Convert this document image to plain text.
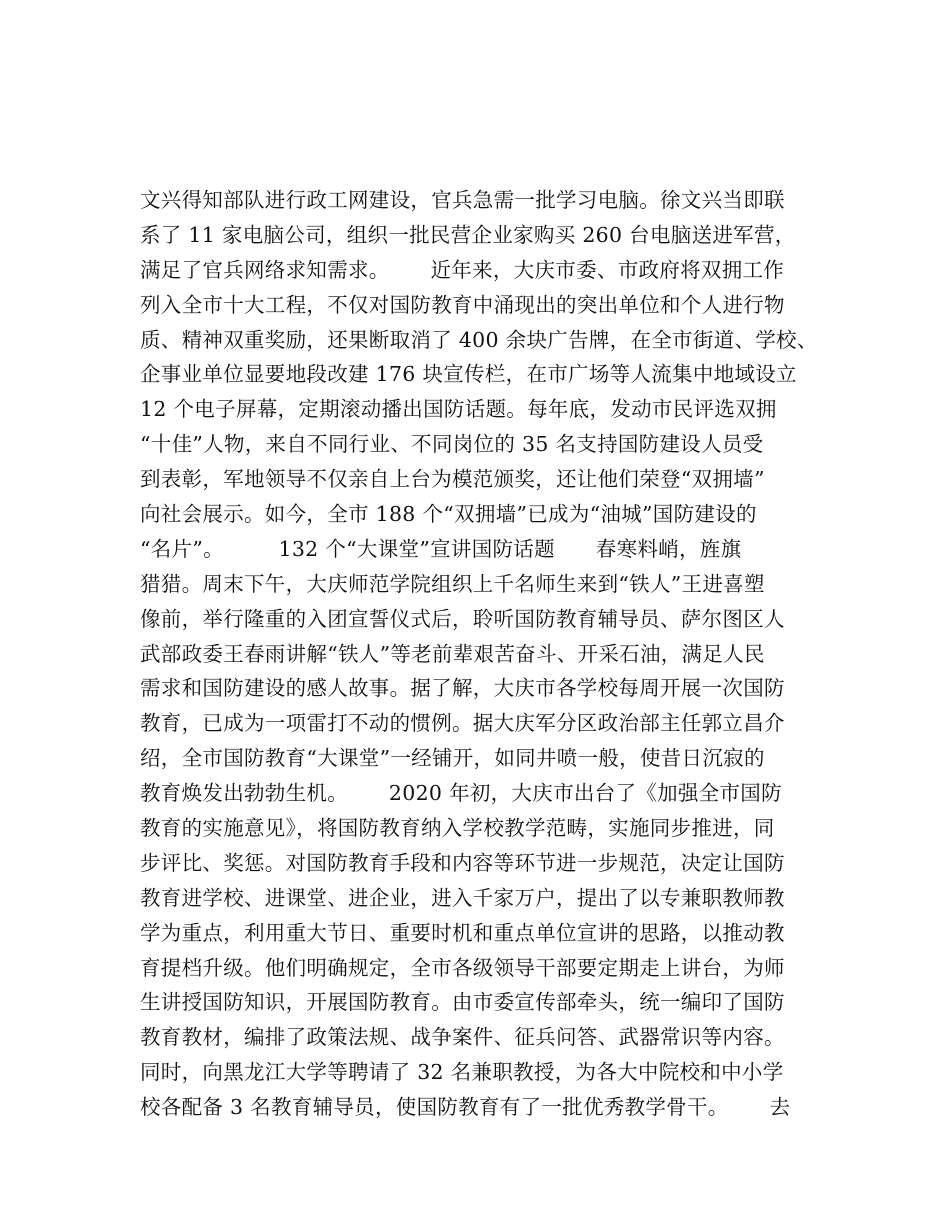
文兴得知部队进行政工网建设，官兵急需一批学习电脑。徐文兴当即联
系了 11 家电脑公司，组织一批民营企业家购买 260 台电脑送进军营，
满足了官兵网络求知需求。      近年来，大庆市委、市政府将双拥工作
列入全市十大工程，不仅对国防教育中涌现出的突出单位和个人进行物
质、精神双重奖励，还果断取消了 400 余块广告牌，在全市街道、学校、
企事业单位显要地段改建 176 块宣传栏，在市广场等人流集中地域设立
12 个电子屏幕，定期滚动播出国防话题。每年底，发动市民评选双拥
“十佳”人物，来自不同行业、不同岗位的 35 名支持国防建设人员受
到表彰，军地领导不仅亲自上台为模范颁奖，还让他们荣登“双拥墙”
向社会展示。如今，全市 188 个“双拥墙”已成为“油城”国防建设的
“名片”。        132 个“大课堂”宣讲国防话题      春寒料峭，旌旗
猎猎。周末下午，大庆师范学院组织上千名师生来到“铁人”王进喜塑
像前，举行隆重的入团宣誓仪式后，聆听国防教育辅导员、萨尔图区人
武部政委王春雨讲解“铁人”等老前辈艰苦奋斗、开采石油，满足人民
需求和国防建设的感人故事。据了解，大庆市各学校每周开展一次国防
教育，已成为一项雷打不动的惯例。据大庆军分区政治部主任郭立昌介
绍，全市国防教育“大课堂”一经铺开，如同井喷一般，使昔日沉寂的
教育焕发出勃勃生机。      2020 年初，大庆市出台了《加强全市国防
教育的实施意见》，将国防教育纳入学校教学范畴，实施同步推进，同
步评比、奖惩。对国防教育手段和内容等环节进一步规范，决定让国防
教育进学校、进课堂、进企业，进入千家万户，提出了以专兼职教师教
学为重点，利用重大节日、重要时机和重点单位宣讲的思路，以推动教
育提档升级。他们明确规定，全市各级领导干部要定期走上讲台，为师
生讲授国防知识，开展国防教育。由市委宣传部牵头，统一编印了国防
教育教材，编排了政策法规、战争案件、征兵问答、武器常识等内容。
同时，向黑龙江大学等聘请了 32 名兼职教授，为各大中院校和中小学
校各配备 3 名教育辅导员，使国防教育有了一批优秀教学骨干。      去
